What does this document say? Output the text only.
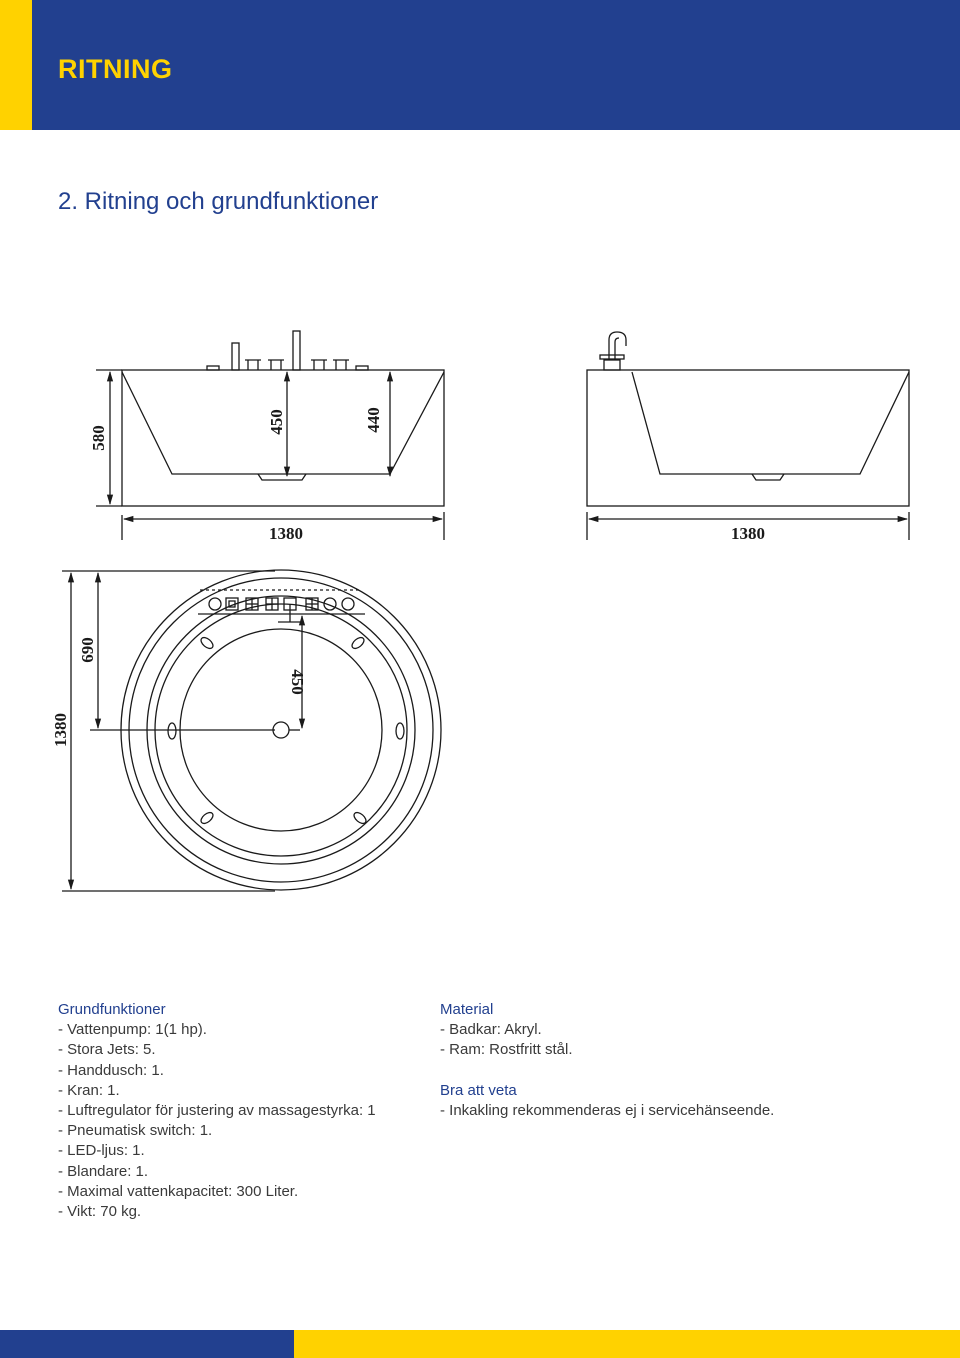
RITNING
2. Ritning och grundfunktioner
580
450	440
1380	1380
1380
690
450
Grundfunktioner
- Vattenpump: 1(1 hp).
- Stora Jets: 5.
- Handdusch: 1.
- Kran: 1.
- Luftregulator för justering av massagestyrka: 1
- Pneumatisk switch: 1.
- LED-ljus: 1.
- Blandare: 1.
- Maximal vattenkapacitet: 300 Liter.
- Vikt: 70 kg.
Material
- Badkar: Akryl.
- Ram: Rostfritt stål.
Bra att veta
- Inkakling rekommenderas ej i servicehänseende.
